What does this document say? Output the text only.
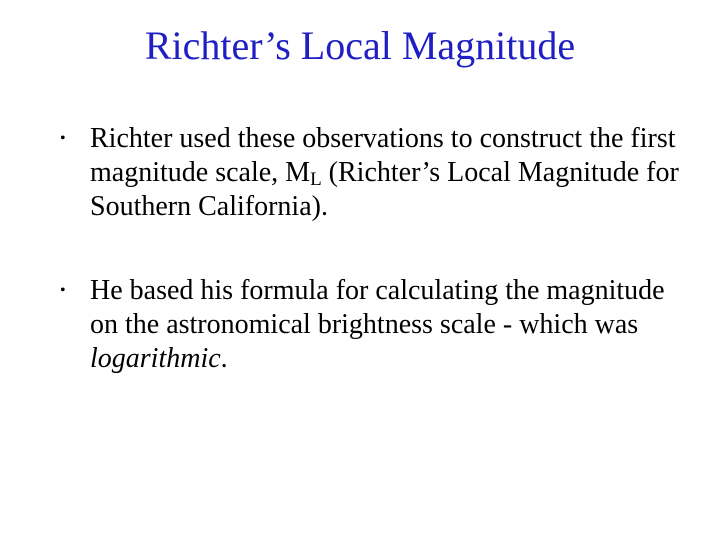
Richter’s Local Magnitude
• Richter used these observations to construct the first magnitude scale, $M_L$ (Richter’s Local Magnitude for Southern California).
• He based his formula for calculating the magnitude on the astronomical brightness scale - which was logarithmic.
